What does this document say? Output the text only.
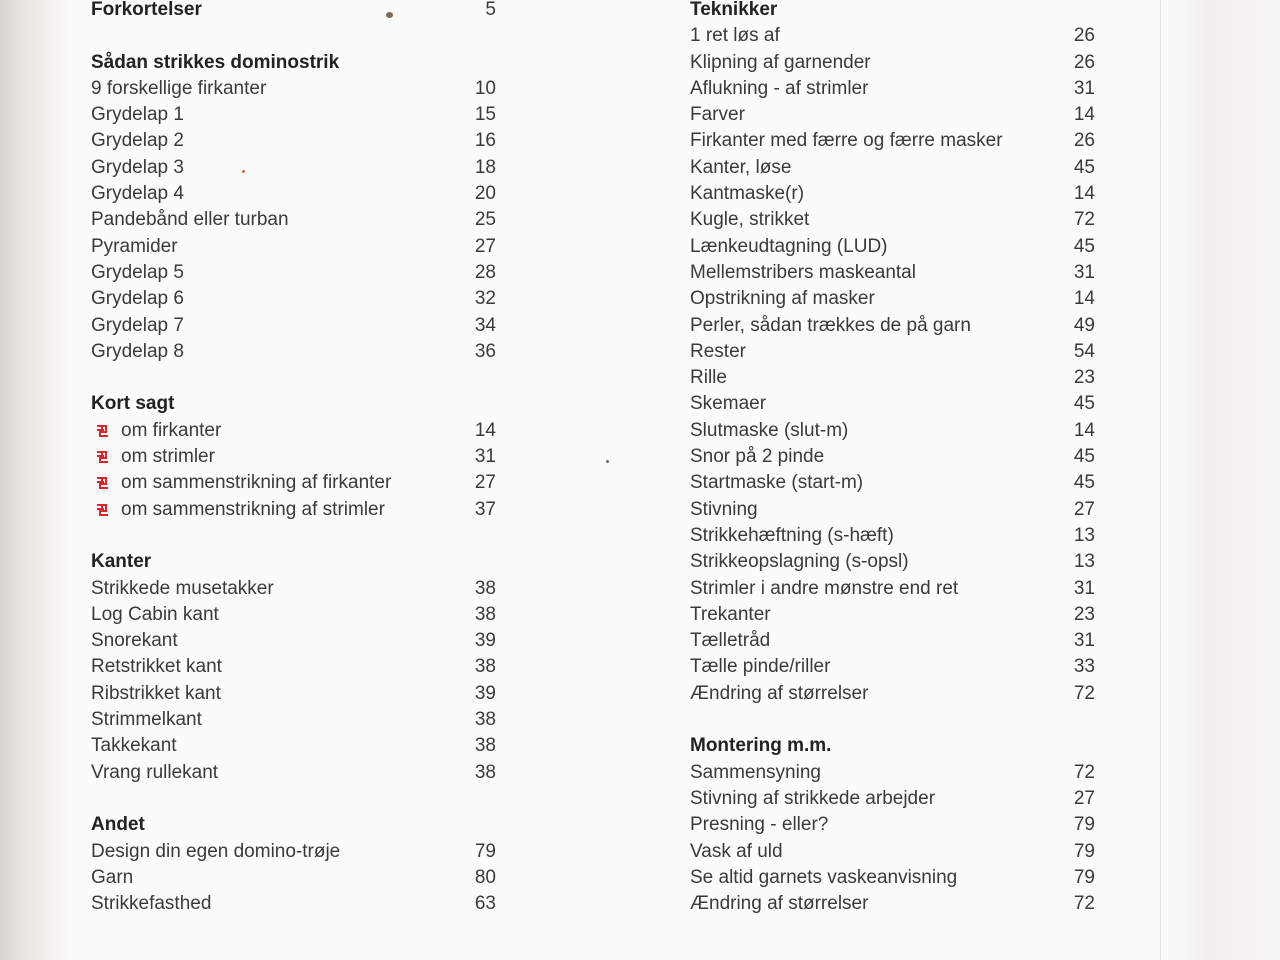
Forkortelser	5
Sådan strikkes dominostrik
9 forskellige firkanter	10
Grydelap 1	15
Grydelap 2	16
Grydelap 3	18
Grydelap 4	20
Pandebånd eller turban	25
Pyramider	27
Grydelap 5	28
Grydelap 6	32
Grydelap 7	34
Grydelap 8	36
Kort sagt
om firkanter	14
om strimler	31
om sammenstrikning af firkanter	27
om sammenstrikning af strimler	37
Kanter
Strikkede musetakker	38
Log Cabin kant	38
Snorekant	39
Retstrikket kant	38
Ribstrikket kant	39
Strimmelkant	38
Takkekant	38
Vrang rullekant	38
Andet
Design din egen domino-trøje	79
Garn	80
Strikkefasthed	63
Teknikker
1 ret løs af	26
Klipning af garnender	26
Aflukning - af strimler	31
Farver	14
Firkanter med færre og færre masker	26
Kanter, løse	45
Kantmaske(r)	14
Kugle, strikket	72
Lænkeudtagning (LUD)	45
Mellemstribers maskeantal	31
Opstrikning af masker	14
Perler, sådan trækkes de på garn	49
Rester	54
Rille	23
Skemaer	45
Slutmaske (slut-m)	14
Snor på 2 pinde	45
Startmaske (start-m)	45
Stivning	27
Strikkehæftning (s-hæft)	13
Strikkeopslagning (s-opsl)	13
Strimler i andre mønstre end ret	31
Trekanter	23
Tælletråd	31
Tælle pinde/riller	33
Ændring af størrelser	72
Montering m.m.
Sammensyning	72
Stivning af strikkede arbejder	27
Presning - eller?	79
Vask af uld	79
Se altid garnets vaskeanvisning	79
Ændring af størrelser	72
